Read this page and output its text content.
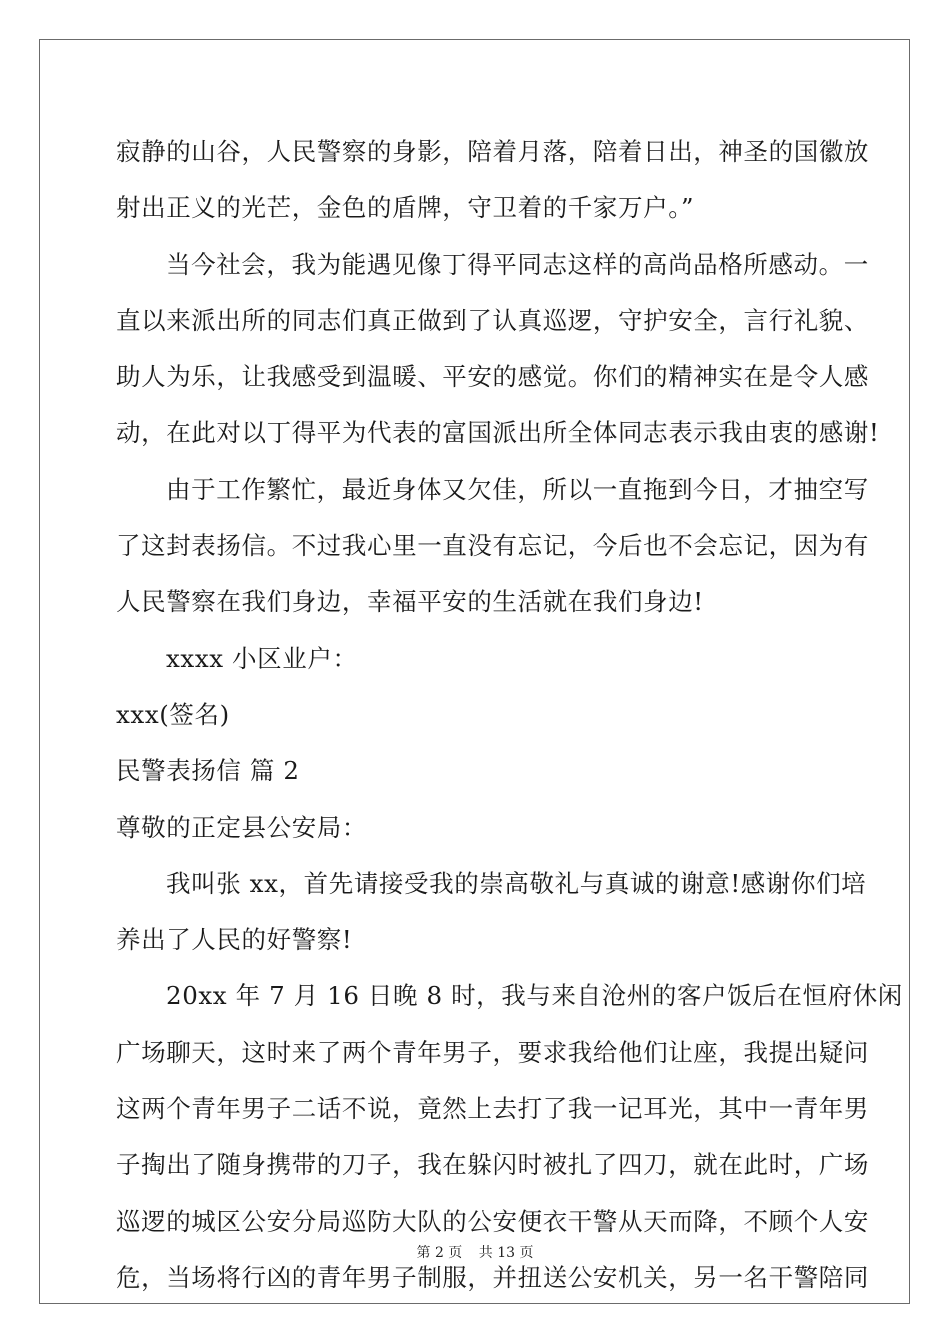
寂静的山谷，人民警察的身影，陪着月落，陪着日出，神圣的国徽放
射出正义的光芒，金色的盾牌，守卫着的千家万户。”
当今社会，我为能遇见像丁得平同志这样的高尚品格所感动。一
直以来派出所的同志们真正做到了认真巡逻，守护安全，言行礼貌、
助人为乐，让我感受到温暖、平安的感觉。你们的精神实在是令人感
动，在此对以丁得平为代表的富国派出所全体同志表示我由衷的感谢!
由于工作繁忙，最近身体又欠佳，所以一直拖到今日，才抽空写
了这封表扬信。不过我心里一直没有忘记，今后也不会忘记，因为有
人民警察在我们身边，幸福平安的生活就在我们身边!
xxxx 小区业户：
xxx(签名)
民警表扬信 篇 2
尊敬的正定县公安局：
我叫张 xx，首先请接受我的崇高敬礼与真诚的谢意!感谢你们培
养出了人民的好警察!
20xx 年 7 月 16 日晚 8 时，我与来自沧州的客户饭后在恒府休闲
广场聊天，这时来了两个青年男子，要求我给他们让座，我提出疑问
这两个青年男子二话不说，竟然上去打了我一记耳光，其中一青年男
子掏出了随身携带的刀子，我在躲闪时被扎了四刀，就在此时，广场
巡逻的城区公安分局巡防大队的公安便衣干警从天而降，不顾个人安
危，当场将行凶的青年男子制服，并扭送公安机关，另一名干警陪同
第 2 页 共 13 页
